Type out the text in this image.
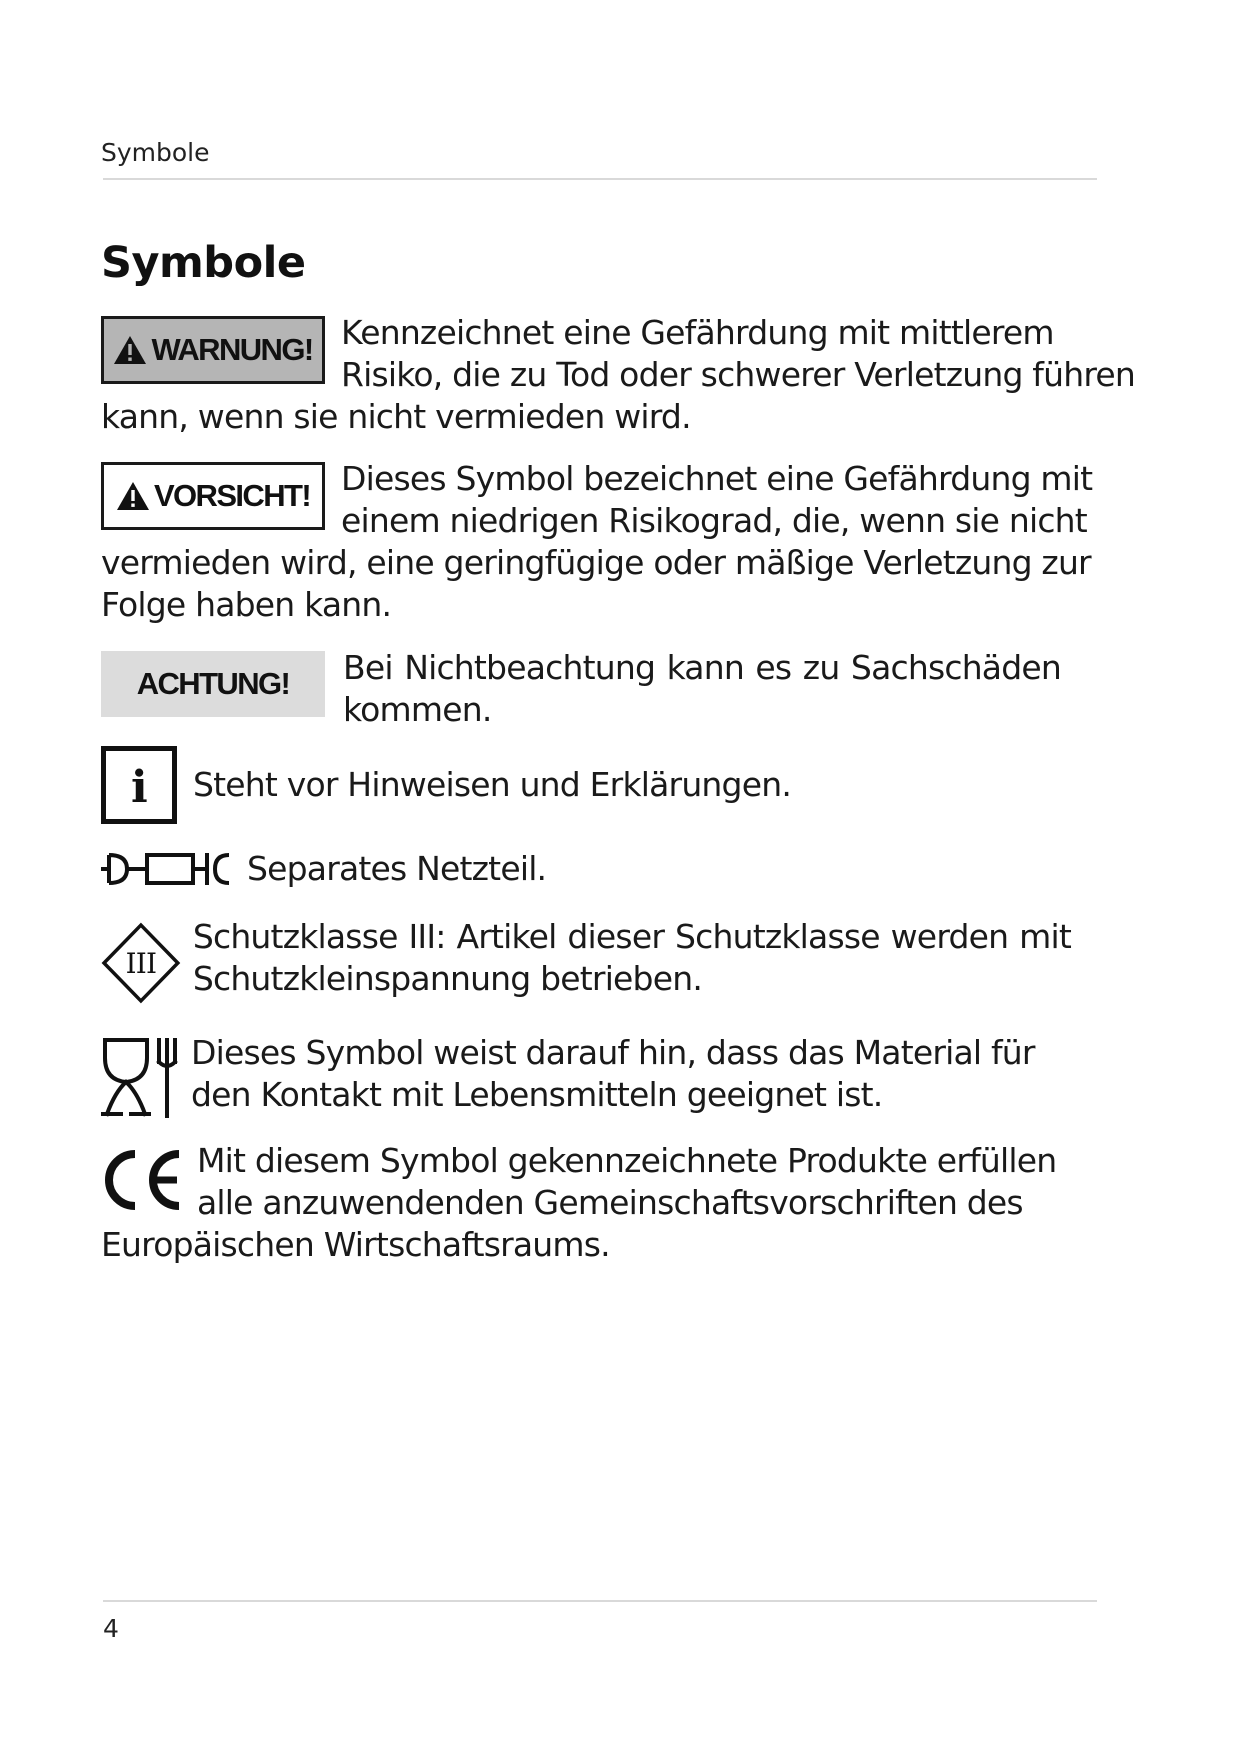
Symbole
Symbole
WARNUNG! Kennzeichnet eine Gefährdung mit mittlerem Risiko, die zu Tod oder schwerer Verletzung führen kann, wenn sie nicht vermieden wird.

VORSICHT! Dieses Symbol bezeichnet eine Gefährdung mit einem niedrigen Risikograd, die, wenn sie nicht vermieden wird, eine geringfügige oder mäßige Verletzung zur Folge haben kann.

ACHTUNG!	Bei Nichtbeachtung kann es zu Sachschäden kommen.

i Steht vor Hinweisen und Erklärungen.
Separates Netzteil.
III

Schutzklasse III: Artikel dieser Schutzklasse werden mit Schutzkleinspannung betrieben.

Dieses Symbol weist darauf hin, dass das Material für den Kontakt mit Lebensmitteln geeignet ist.

Mit diesem Symbol gekennzeichnete Produkte erfüllen alle anzuwendenden Gemeinschaftsvorschriften des Europäischen Wirtschaftsraums.

4
